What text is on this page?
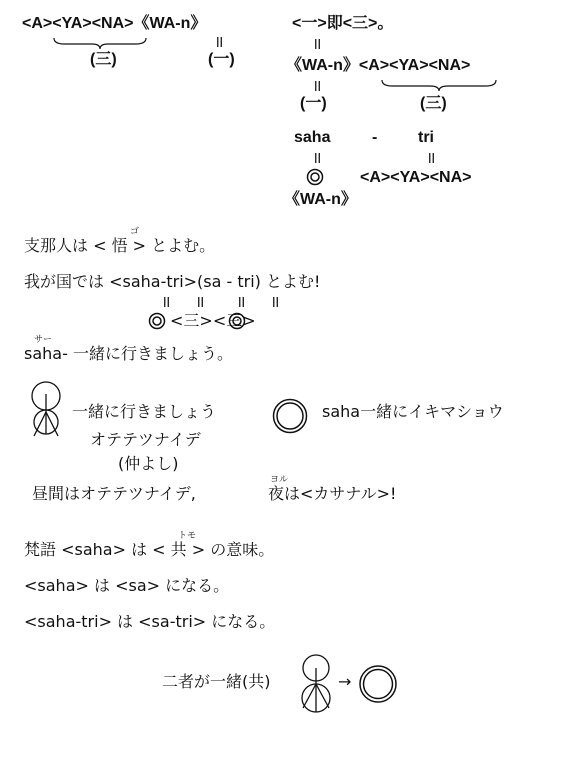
<A><YA><NA>《WA-n》
(三)
॥
(一)
<一>即<三>。
॥
《WA-n》<A><YA><NA>
॥
(一)	(三)
saha	-	tri
॥	॥
<A><YA><NA>
《WA-n》
ゴ
支那人は < 悟 > とよむ。
我が国では <saha-tri>(sa - tri) とよむ!
॥ ॥ ॥ ॥
<三><三>
サー
saha- 一緒に行きましょう。
一緒に行きましょう
オテテツナイデ
(仲よし)
saha一緒にイキマショウ
昼間はオテテツナイデ,
ヨル
夜は<カサナル>!
トモ
梵語 <saha> は < 共 > の意味。
<saha> は <sa> になる。
<saha-tri> は <sa-tri> になる。
二者が一緒(共)	→
